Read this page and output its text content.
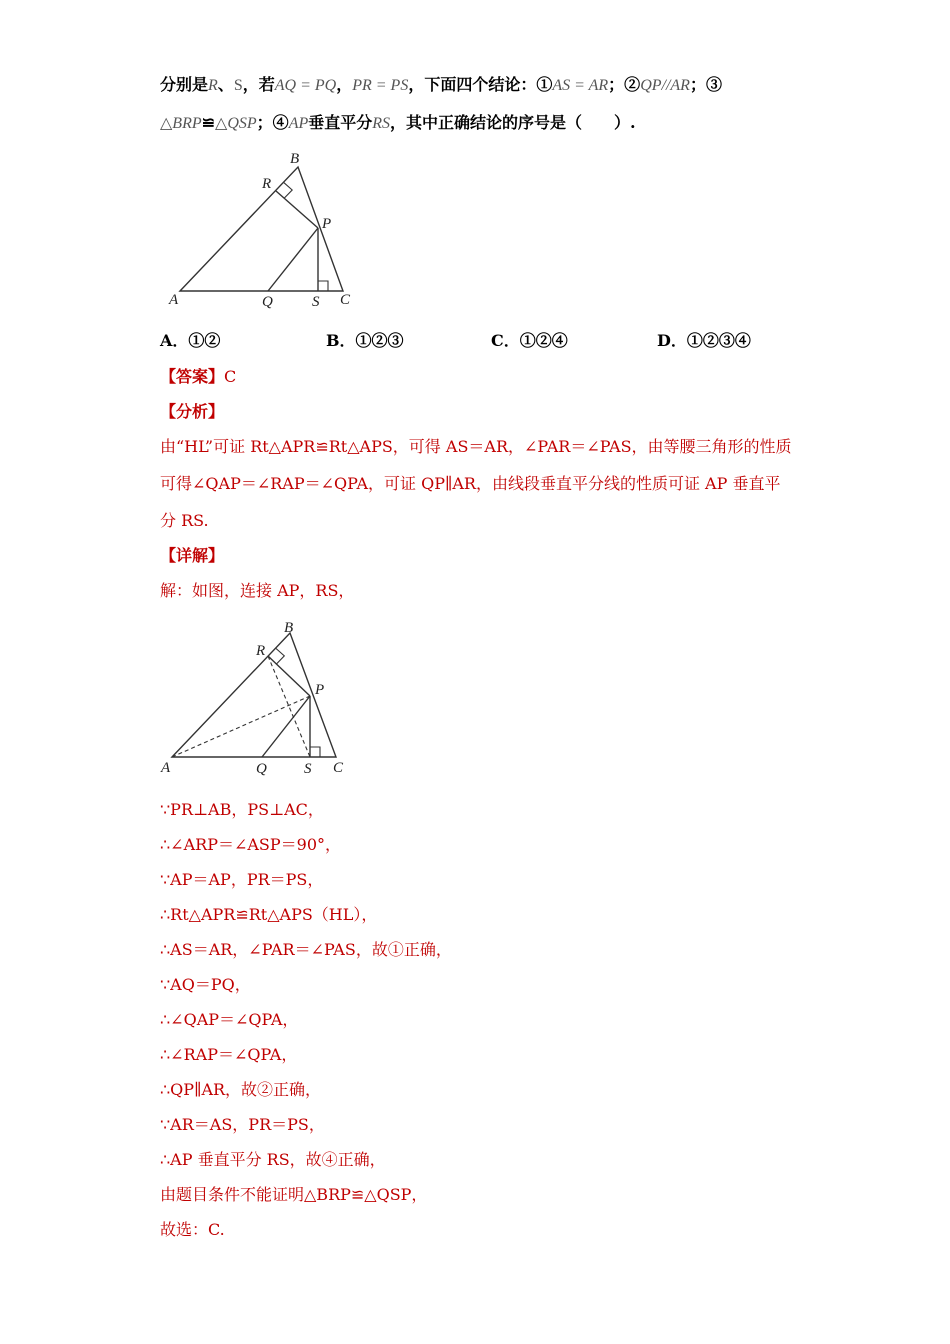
分别是R、S，若AQ = PQ，PR = PS，下面四个结论：①AS = AR；②QP//AR；③
△BRP≌△QSP；④AP垂直平分RS，其中正确结论的序号是（　　）.
B
R
P
A	Q	S C
A．①②	B．①②③	C．①②④	D．①②③④
【答案】C
【分析】
由“HL”可证 Rt△APR≌Rt△APS，可得 AS＝AR，∠PAR＝∠PAS，由等腰三角形的性质
可得∠QAP＝∠RAP＝∠QPA，可证 QP∥AR，由线段垂直平分线的性质可证 AP 垂直平
分 RS.
【详解】
解：如图，连接 AP，RS，
B
R
P
A	Q S C
∵PR⊥AB，PS⊥AC，
∴∠ARP＝∠ASP＝90°，
∵AP＝AP，PR＝PS，
∴Rt△APR≌Rt△APS（HL），
∴AS＝AR，∠PAR＝∠PAS，故①正确，
∵AQ＝PQ，
∴∠QAP＝∠QPA，
∴∠RAP＝∠QPA，
∴QP∥AR，故②正确，
∵AR＝AS，PR＝PS，
∴AP 垂直平分 RS，故④正确，
由题目条件不能证明△BRP≌△QSP，
故选：C.
